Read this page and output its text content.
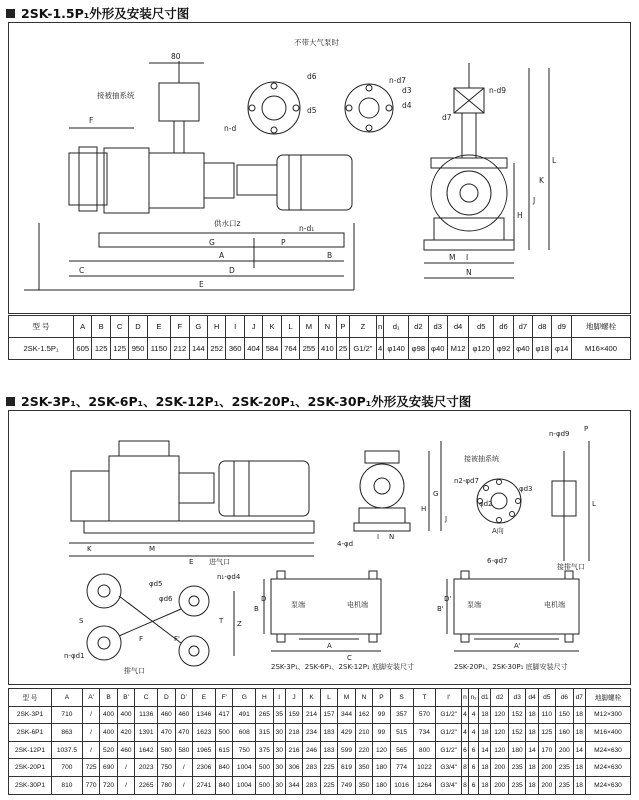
2SK-1.5P₁外形及安装尺寸图
不带大气泵时
接被抽系统
供水口z
80
n-d
n-d₁
n-d7
n-d9
d3
d4
d5
d6
d7
F
G	P
A	B
C	D
E
H
I
J
K
L
M
N
型 号	A	B	C	D	E	F	G	H	I	J	K	L	M	N	P	Z	n	d₁	d2	d3	d4	d5	d6	d7	d8	d9	地脚螺栓
2SK-1.5P₁	605	125	125	950	1150	212	144	252	360	404	584	764	255	410	25	G1/2"	4	φ140	φ98	φ40	M12	φ120	φ92	φ40	φ18	φ14	M16×400
2SK-3P₁、2SK-6P₁、2SK-12P₁、2SK-20P₁、2SK-30P₁外形及安装尺寸图
接被抽系统
进气口
排气口
泵端	电机端	泵端	电机端
接排气口
A向
n₁-φd4
n-φd1
n2-φd7
n-φd9
6-φd7
4-φd
φd5
φd6
φd2
φd3
2SK-3P₁、2SK-6P₁、2SK-12P₁ 底脚安装尺寸	2SK-20P₁、2SK-30P₁ 底脚安装尺寸
K	M
E
A	A'
B	B'
C
D	D'
F	F'
G
H
I
J
L
N
P
S	T Z
型 号	A	A'	B	B'	C	D	D'	E	F'	G	H	I	J	K	L	M	N	P	S	T	I'	n	n₂	d1	d2	d3	d4	d5	d6	d7	地脚螺栓
2SK-3P1	710	/	400	400	1136	460	460	1346	417	491	265	35	159	214	157	344	162	99	357	570	G1/2"	4	4	18	120	152	18	110	150	18	M12×300
2SK-6P1	863	/	400	420	1391	470	470	1623	500	608	315	30	218	234	183	429	210	99	515	734	G1/2"	4	4	18	120	152	18	125	160	18	M16×400
2SK-12P1	1037.5	/	520	460	1642	580	580	1965	615	750	375	30	216	246	183	599	220	120	565	800	G1/2"	6	6	14	120	180	14	170	200	14	M24×630
2SK-20P1	700	725	690	/	2023	750	/	2306	840	1004	500	30	306	283	225	619	350	180	774	1022	G3/4"	8	6	18	200	235	18	200	235	18	M24×630
2SK-30P1	810	770	720	/	2265	780	/	2741	840	1004	500	30	344	283	225	749	350	180	1016	1264	G3/4"	8	6	18	200	235	18	200	235	18	M24×630
